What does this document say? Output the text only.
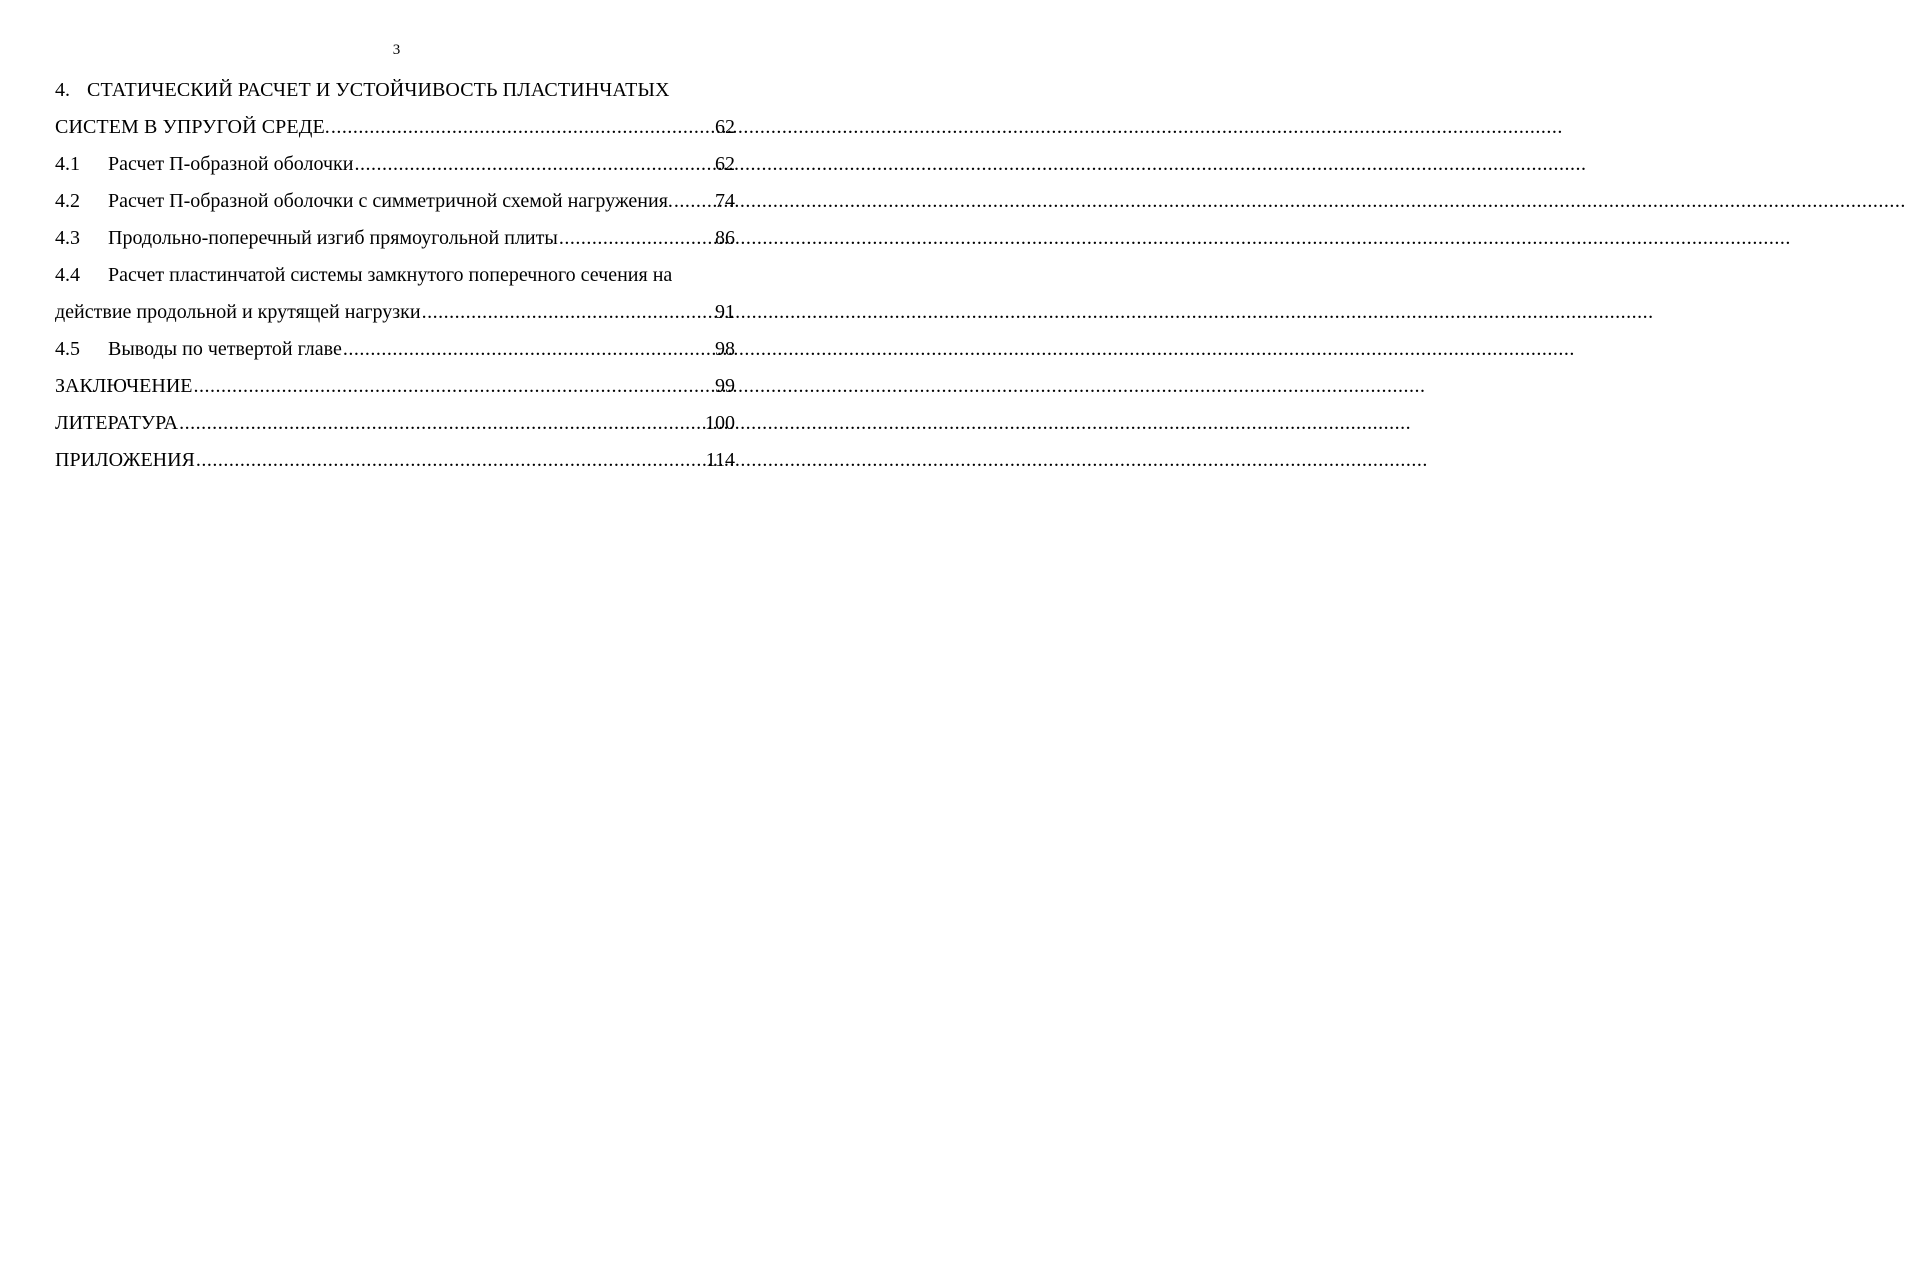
3
4. СТАТИЧЕСКИЙ РАСЧЕТ И УСТОЙЧИВОСТЬ ПЛАСТИНЧАТЫХ
СИСТЕМ В УПРУГОЙ СРЕДЕ. .....	62
4.1	Расчет П-образной оболочки .....	62
4.2	Расчет П-образной оболочки с симметричной схемой нагружения. ..... 74
4.3	Продольно-поперечный изгиб прямоугольной плиты .....	86
4.4	Расчет пластинчатой системы замкнутого поперечного сечения на
действие продольной и крутящей нагрузки .....	91
4.5	Выводы по четвертой главе .....	98
ЗАКЛЮЧЕНИЕ .....	99
ЛИТЕРАТУРА .....	100
ПРИЛОЖЕНИЯ .....	114
